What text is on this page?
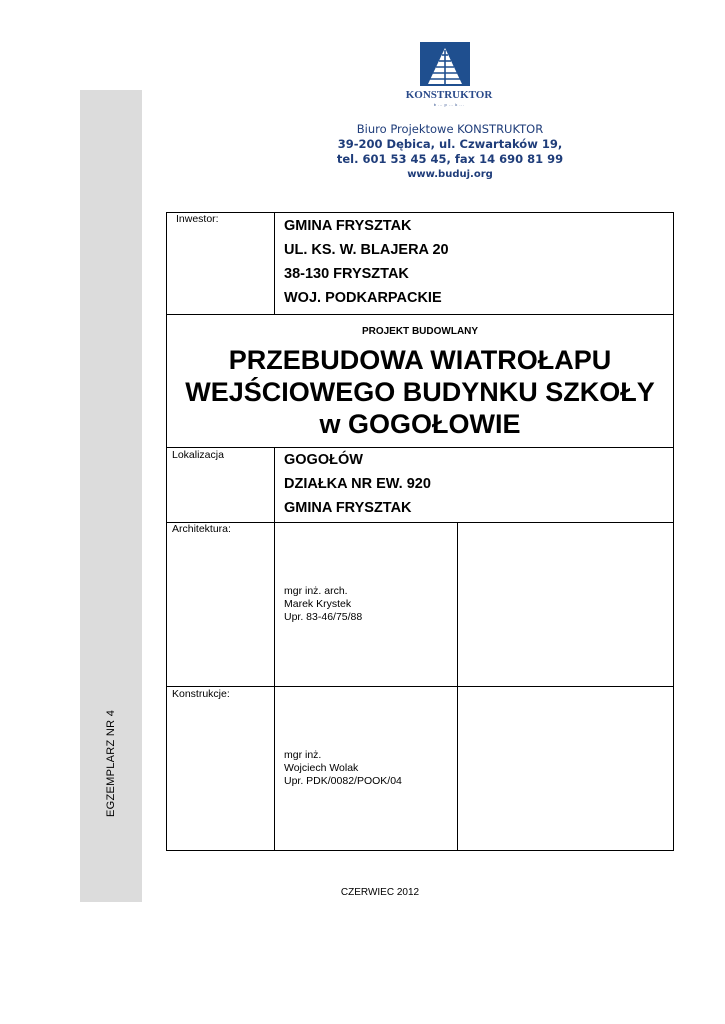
EGZEMPLARZ NR 4
KONSTRUKTOR
b ... p ... k ...
Biuro Projektowe KONSTRUKTOR
39-200 Dębica, ul. Czwartaków 19,
tel. 601 53 45 45, fax 14 690 81 99
www.buduj.org
Inwestor:	GMINA FRYSZTAK
UL. KS. W. BLAJERA 20
38-130 FRYSZTAK
WOJ. PODKARPACKIE
PROJEKT BUDOWLANY
PRZEBUDOWA WIATROŁAPU
WEJŚCIOWEGO BUDYNKU SZKOŁY
w GOGOŁOWIE
Lokalizacja	GOGOŁÓW
DZIAŁKA NR EW. 920
GMINA FRYSZTAK
Architektura:
mgr inż. arch.
Marek Krystek
Upr. 83-46/75/88
Konstrukcje:
mgr inż.
Wojciech Wolak
Upr. PDK/0082/POOK/04
CZERWIEC 2012
